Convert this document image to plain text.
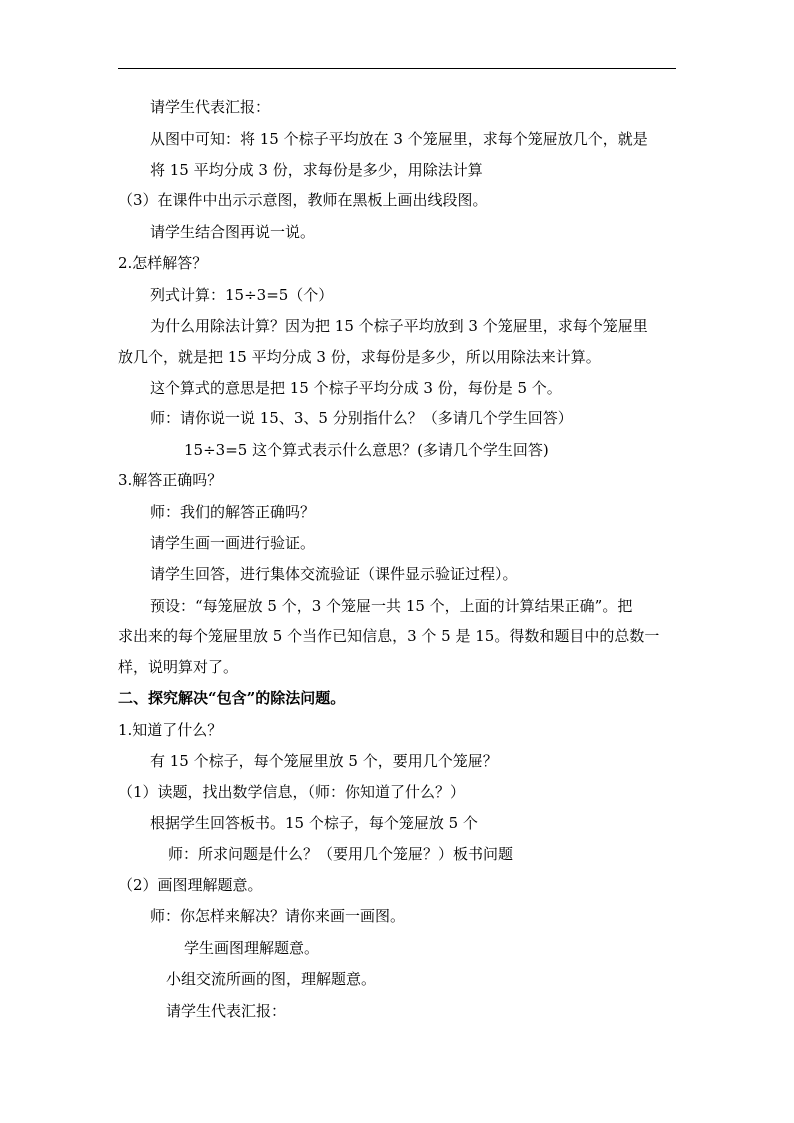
请学生代表汇报：
从图中可知：将 15 个棕子平均放在 3 个笼屉里，求每个笼屉放几个，就是
将 15 平均分成 3 份，求每份是多少，用除法计算
（3）在课件中出示示意图，教师在黑板上画出线段图。
请学生结合图再说一说。
2.怎样解答？
列式计算：15÷3=5（个）
为什么用除法计算？因为把 15 个棕子平均放到 3 个笼屉里，求每个笼屉里
放几个，就是把 15 平均分成 3 份，求每份是多少，所以用除法来计算。
这个算式的意思是把 15 个棕子平均分成 3 份，每份是 5 个。
师：请你说一说 15、3、5 分别指什么？（多请几个学生回答）
15÷3=5 这个算式表示什么意思？(多请几个学生回答)
3.解答正确吗？
师：我们的解答正确吗？
请学生画一画进行验证。
请学生回答，进行集体交流验证（课件显示验证过程）。
预设：“每笼屉放 5 个，3 个笼屉一共 15 个，上面的计算结果正确”。把
求出来的每个笼屉里放 5 个当作已知信息，3 个 5 是 15。得数和题目中的总数一
样，说明算对了。
二、探究解决“包含”的除法问题。
1.知道了什么？
有 15 个棕子，每个笼屉里放 5 个，要用几个笼屉？
（1）读题，找出数学信息，（师：你知道了什么？）
根据学生回答板书。15 个棕子，每个笼屉放 5 个
师：所求问题是什么？（要用几个笼屉？）板书问题
（2）画图理解题意。
师：你怎样来解决？请你来画一画图。
学生画图理解题意。
小组交流所画的图，理解题意。
请学生代表汇报：
